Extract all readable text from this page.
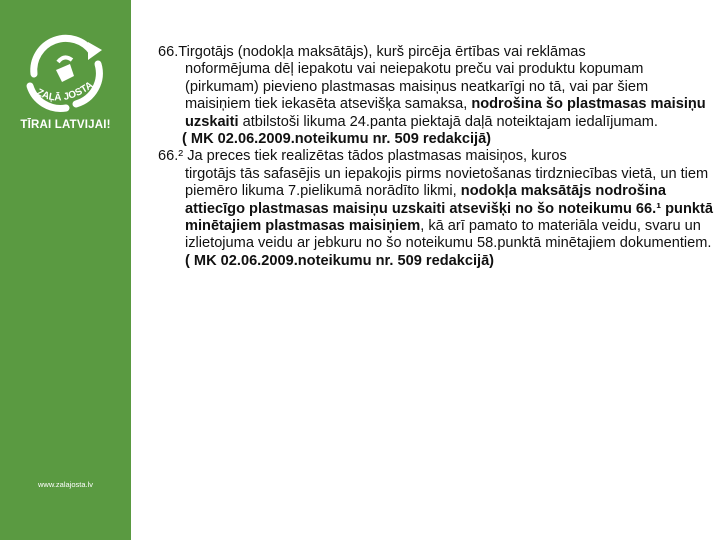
ZAĻĀ JOSTA
TĪRAI LATVIJAI!
www.zalajosta.lv

66.Tirgotājs (nodokļa maksātājs), kurš pircēja ērtības vai reklāmas

noformējuma dēļ iepakotu vai neiepakotu preču vai produktu kopumam (pirkumam) pievieno plastmasas maisiņus neatkarīgi no tā, vai par šiem maisiņiem tiek iekasēta atsevišķa samaksa, nodrošina šo plastmasas maisiņu uzskaiti atbilstoši likuma 24.panta piektajā daļā noteiktajam iedalījumam.

( MK 02.06.2009.noteikumu nr. 509 redakcijā)

66.² Ja preces tiek realizētas tādos plastmasas maisiņos, kuros

tirgotājs tās safasējis un iepakojis pirms novietošanas tirdzniecības vietā, un tiem piemēro likuma 7.pielikumā norādīto likmi, nodokļa maksātājs nodrošina attiecīgo plastmasas maisiņu uzskaiti atsevišķi no šo noteikumu 66.¹ punktā minētajiem plastmasas maisiņiem, kā arī pamato to materiāla veidu, svaru un izlietojuma veidu ar jebkuru no šo noteikumu 58.punktā minētajiem dokumentiem. ( MK 02.06.2009.noteikumu nr. 509 redakcijā)
